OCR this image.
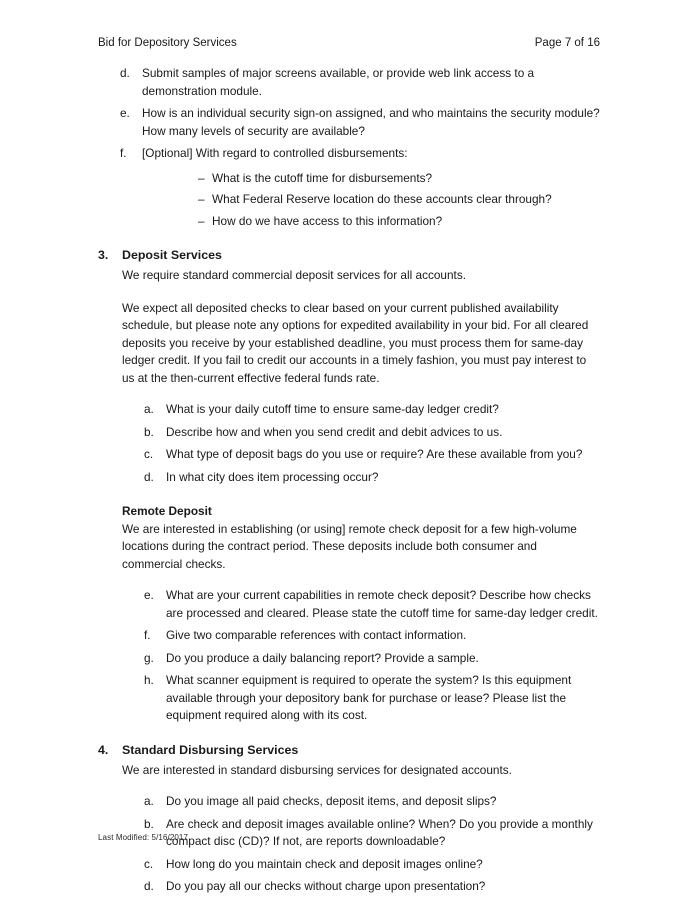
Bid for Depository Services	Page 7 of 16
d.	Submit samples of major screens available, or provide web link access to a demonstration module.
e.	How is an individual security sign-on assigned, and who maintains the security module? How many levels of security are available?
f.	[Optional] With regard to controlled disbursements:
– What is the cutoff time for disbursements?
– What Federal Reserve location do these accounts clear through?
– How do we have access to this information?
3. Deposit Services

We require standard commercial deposit services for all accounts.

We expect all deposited checks to clear based on your current published availability schedule, but please note any options for expedited availability in your bid. For all cleared deposits you receive by your established deadline, you must process them for same-day ledger credit. If you fail to credit our accounts in a timely fashion, you must pay interest to us at the then-current effective federal funds rate.

a.	What is your daily cutoff time to ensure same-day ledger credit?
b.	Describe how and when you send credit and debit advices to us.
c.	What type of deposit bags do you use or require? Are these available from you?
d.	In what city does item processing occur?

Remote Deposit

We are interested in establishing (or using] remote check deposit for a few high-volume locations during the contract period. These deposits include both consumer and commercial checks.

e.	What are your current capabilities in remote check deposit? Describe how checks are processed and cleared. Please state the cutoff time for same-day ledger credit.
f.	Give two comparable references with contact information.
g.	Do you produce a daily balancing report? Provide a sample.
h.	What scanner equipment is required to operate the system? Is this equipment available through your depository bank for purchase or lease? Please list the equipment required along with its cost.
4. Standard Disbursing Services

We are interested in standard disbursing services for designated accounts.

a.	Do you image all paid checks, deposit items, and deposit slips?
b.	Are check and deposit images available online? When? Do you provide a monthly compact disc (CD)? If not, are reports downloadable?
c.	How long do you maintain check and deposit images online?
d.	Do you pay all our checks without charge upon presentation?
Last Modified: 5/16/2017
